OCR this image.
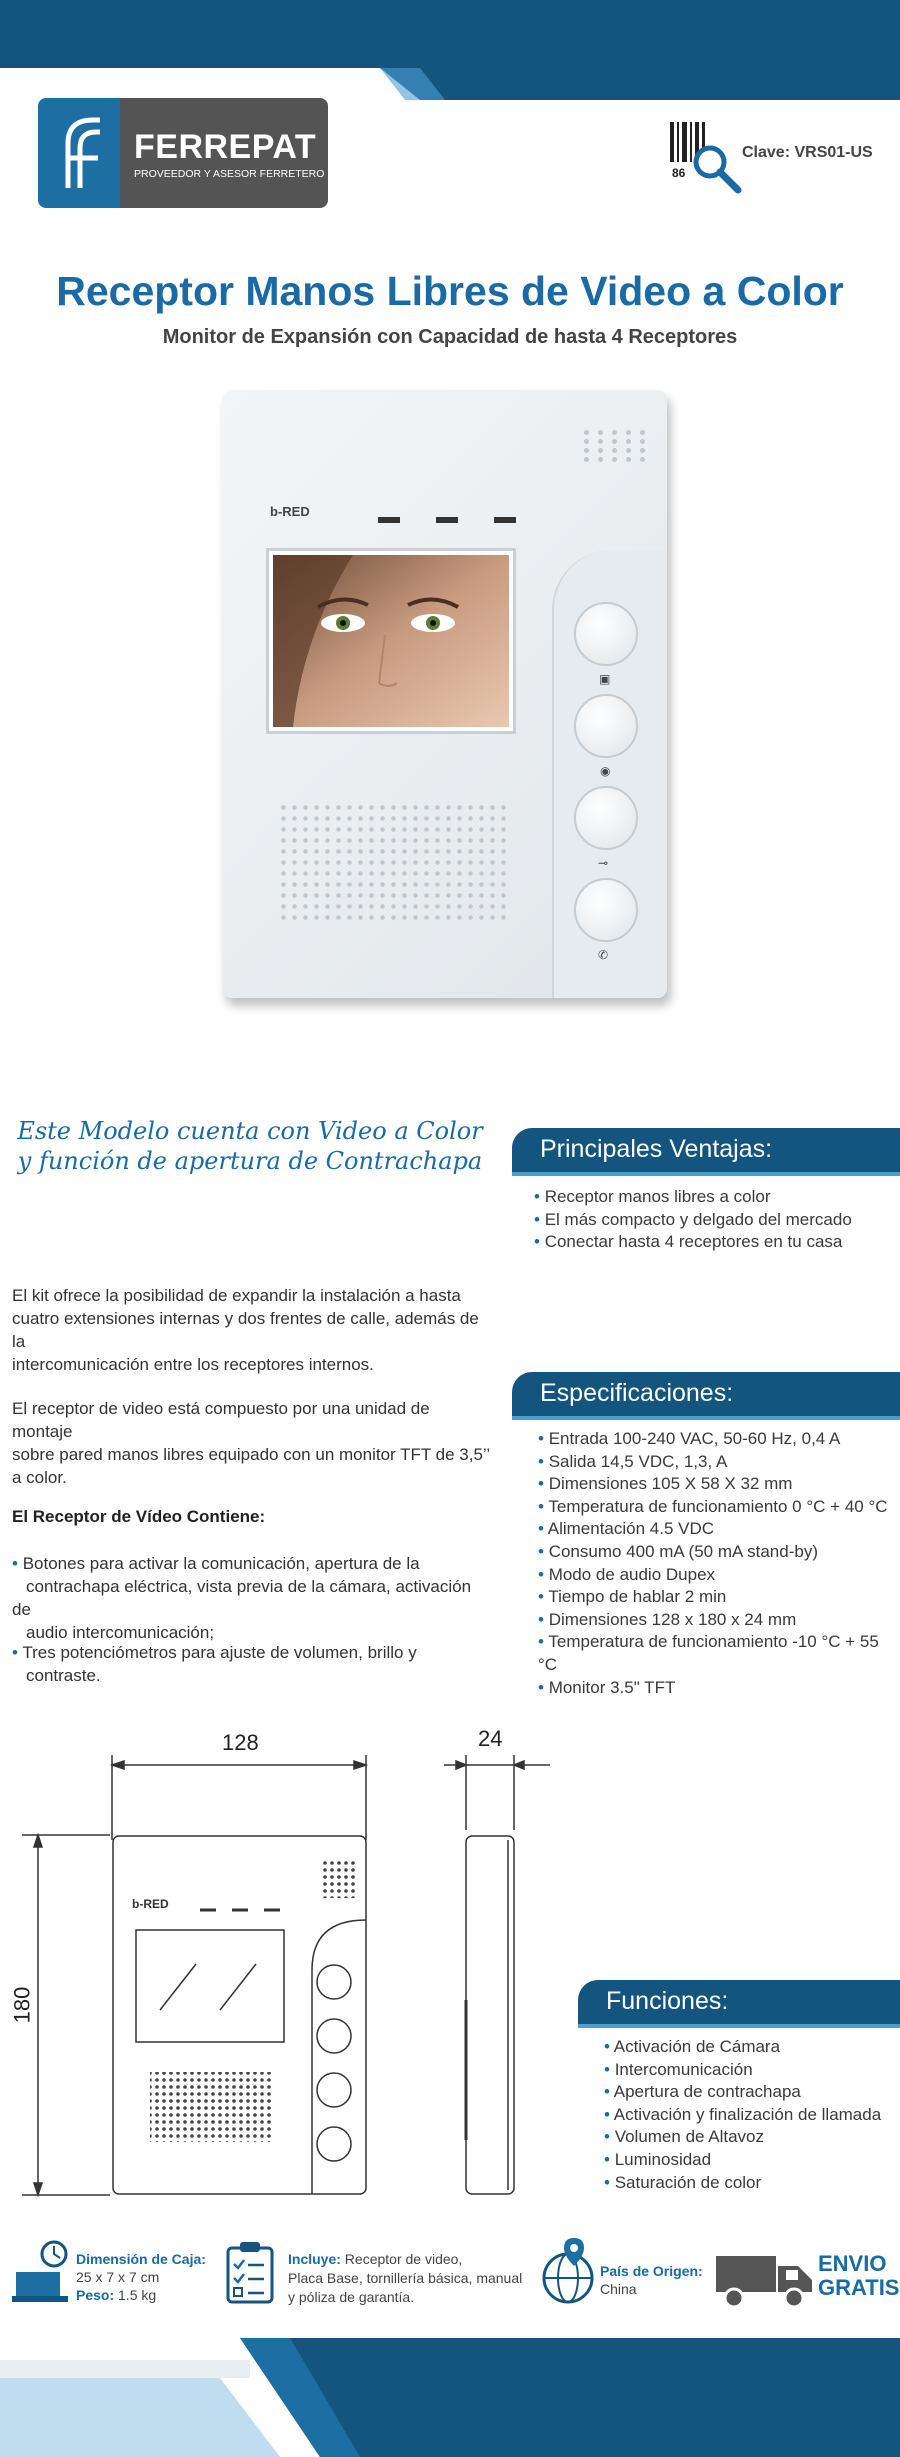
FERREPAT
PROVEEDOR Y ASESOR FERRETERO	86
Clave: VRS01-US
Receptor Manos Libres de Video a Color
Monitor de Expansión con Capacidad de hasta 4 Receptores
b-RED
▣
◉
⊸
✆
Este Modelo cuenta con Video a Color
y función de apertura de Contrachapa	Principales Ventajas:
• Receptor manos libres a color
• El más compacto y delgado del mercado
• Conectar hasta 4 receptores en tu casa

El kit ofrece la posibilidad de expandir la instalación a hasta
cuatro extensiones internas y dos frentes de calle, además de la
intercomunicación entre los receptores internos.

El receptor de video está compuesto por una unidad de montaje
sobre pared manos libres equipado con un monitor TFT de 3,5’’
a color.

El Receptor de Vídeo Contiene:

• Botones para activar la comunicación, apertura de la
contrachapa eléctrica, vista previa de la cámara, activación de
audio intercomunicación;

• Tres potenciómetros para ajuste de volumen, brillo y
contraste.

Especificaciones:
• Entrada 100-240 VAC, 50-60 Hz, 0,4 A
• Salida 14,5 VDC, 1,3, A
• Dimensiones 105 X 58 X 32 mm
• Temperatura de funcionamiento 0 °C + 40 °C
• Alimentación 4.5 VDC
• Consumo 400 mA (50 mA stand-by)
• Modo de audio Dupex
• Tiempo de hablar 2 min
• Dimensiones 128 x 180 x 24 mm
• Temperatura de funcionamiento -10 °C + 55 °C
• Monitor 3.5" TFT
128	24
180
b-RED
Funciones:
• Activación de Cámara
• Intercomunicación
• Apertura de contrachapa
• Activación y finalización de llamada
• Volumen de Altavoz
• Luminosidad
• Saturación de color
Dimensión de Caja:
25 x 7 x 7 cm
Peso: 1.5 kg
Incluye: Receptor de video,
Placa Base, tornillería básica, manual
y póliza de garantía.
País de Origen:
China
ENVIO
GRATIS
